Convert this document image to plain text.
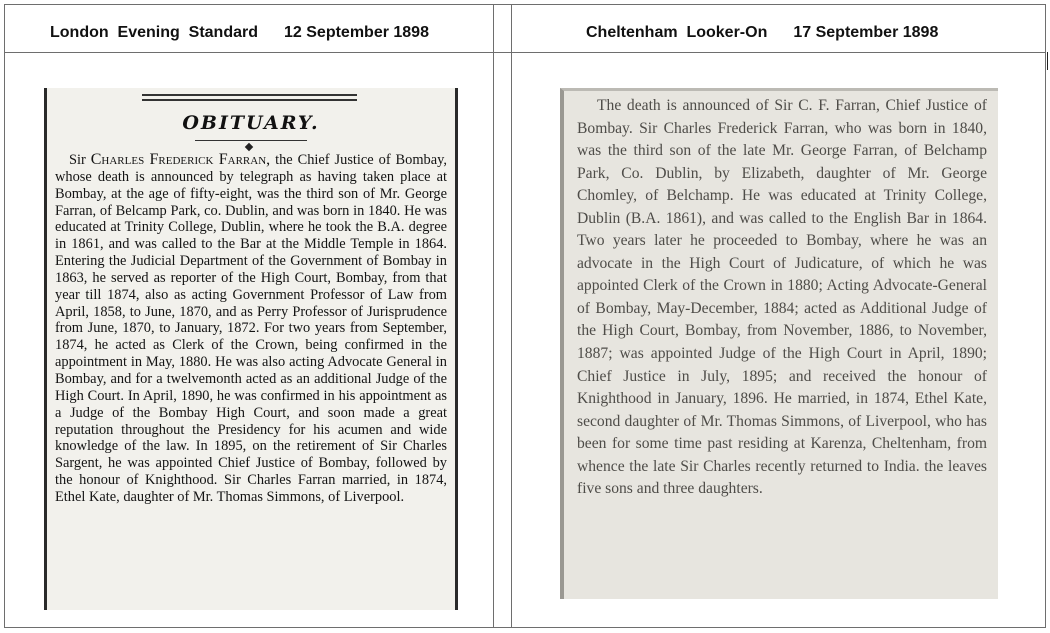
London  Evening  Standard 12 September 1898	Cheltenham  Looker-On 17 September 1898
OBITUARY.
Sir Charles Frederick Farran, the Chief Justice of Bombay, whose death is announced by telegraph as having taken place at Bombay, at the age of fifty-eight, was the third son of Mr. George Farran, of Belcamp Park, co. Dublin, and was born in 1840. He was educated at Trinity College, Dublin, where he took the B.A. degree in 1861, and was called to the Bar at the Middle Temple in 1864. Entering the Judicial Department of the Government of Bombay in 1863, he served as reporter of the High Court, Bombay, from that year till 1874, also as acting Government Professor of Law from April, 1858, to June, 1870, and as Perry Professor of Jurisprudence from June, 1870, to January, 1872. For two years from September, 1874, he acted as Clerk of the Crown, being confirmed in the appointment in May, 1880. He was also acting Advocate General in Bombay, and for a twelvemonth acted as an additional Judge of the High Court. In April, 1890, he was confirmed in his appointment as a Judge of the Bombay High Court, and soon made a great reputation throughout the Presidency for his acumen and wide knowledge of the law. In 1895, on the retirement of Sir Charles Sargent, he was appointed Chief Justice of Bombay, followed by the honour of Knighthood. Sir Charles Farran married, in 1874, Ethel Kate, daughter of Mr. Thomas Simmons, of Liverpool.
The death is announced of Sir C. F. Farran, Chief Justice of Bombay. Sir Charles Frederick Farran, who was born in 1840, was the third son of the late Mr. George Farran, of Belchamp Park, Co. Dublin, by Elizabeth, daughter of Mr. George Chomley, of Belchamp. He was educated at Trinity College, Dublin (B.A. 1861), and was called to the English Bar in 1864. Two years later he proceeded to Bombay, where he was an advocate in the High Court of Judicature, of which he was appointed Clerk of the Crown in 1880; Acting Advocate-General of Bombay, May-December, 1884; acted as Additional Judge of the High Court, Bombay, from November, 1886, to November, 1887; was appointed Judge of the High Court in April, 1890; Chief Justice in July, 1895; and received the honour of Knighthood in January, 1896. He married, in 1874, Ethel Kate, second daughter of Mr. Thomas Simmons, of Liverpool, who has been for some time past residing at Karenza, Cheltenham, from whence the late Sir Charles recently returned to India. the leaves five sons and three daughters.
